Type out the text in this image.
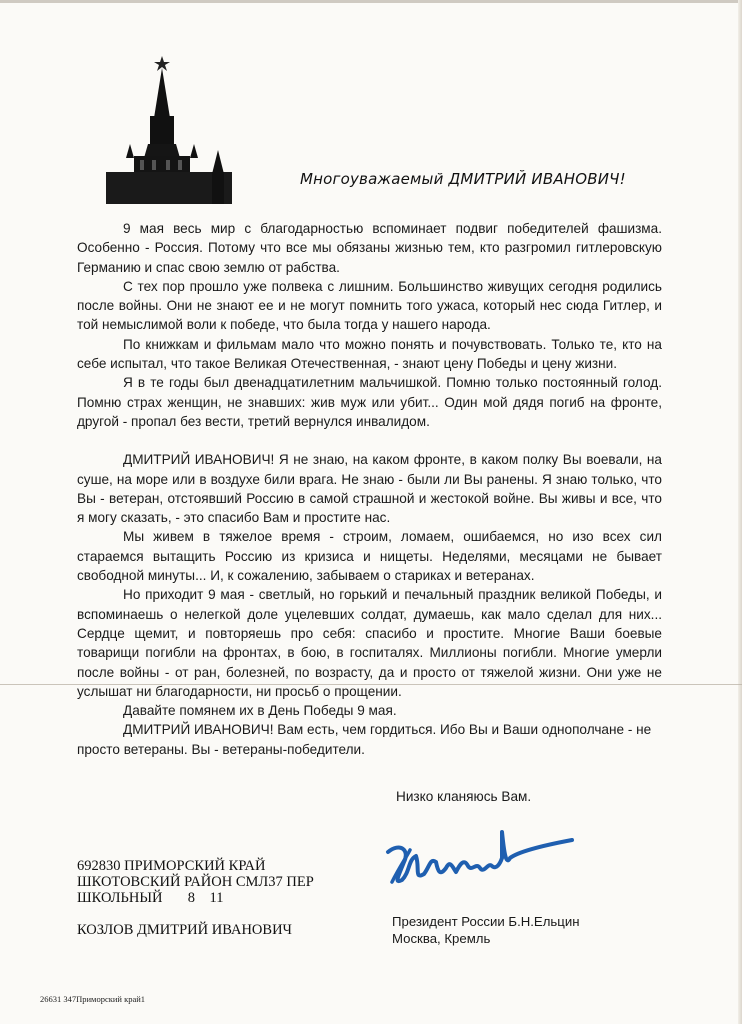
Многоуважаемый ДМИТРИЙ ИВАНОВИЧ!

9 мая весь мир с благодарностью вспоминает подвиг победителей фашизма. Особенно - Россия. Потому что все мы обязаны жизнью тем, кто разгромил гитлеровскую Германию и спас свою землю от рабства.

С тех пор прошло уже полвека с лишним. Большинство живущих сегодня родились после войны. Они не знают ее и не могут помнить того ужаса, который нес сюда Гитлер, и той немыслимой воли к победе, что была тогда у нашего народа.

По книжкам и фильмам мало что можно понять и почувствовать. Только те, кто на себе испытал, что такое Великая Отечественная, - знают цену Победы и цену жизни.

Я в те годы был двенадцатилетним мальчишкой. Помню только постоянный голод. Помню страх женщин, не знавших: жив муж или убит... Один мой дядя погиб на фронте, другой - пропал без вести, третий вернулся инвалидом.

ДМИТРИЙ ИВАНОВИЧ! Я не знаю, на каком фронте, в каком полку Вы воевали, на суше, на море или в воздухе били врага. Не знаю - были ли Вы ранены. Я знаю только, что Вы - ветеран, отстоявший Россию в самой страшной и жестокой войне. Вы живы и все, что я могу сказать, - это спасибо Вам и простите нас.

Мы живем в тяжелое время - строим, ломаем, ошибаемся, но изо всех сил стараемся вытащить Россию из кризиса и нищеты. Неделями, месяцами не бывает свободной минуты... И, к сожалению, забываем о стариках и ветеранах.

Но приходит 9 мая - светлый, но горький и печальный праздник великой Победы, и вспоминаешь о нелегкой доле уцелевших солдат, думаешь, как мало сделал для них... Сердце щемит, и повторяешь про себя: спасибо и простите. Многие Ваши боевые товарищи погибли на фронтах, в бою, в госпиталях. Миллионы погибли. Многие умерли после войны - от ран, болезней, по возрасту, да и просто от тяжелой жизни. Они уже не услышат ни благодарности, ни просьб о прощении.

Давайте помянем их в День Победы 9 мая.

ДМИТРИЙ ИВАНОВИЧ! Вам есть, чем гордиться. Ибо Вы и Ваши однополчане - не просто ветераны. Вы - ветераны-победители.

Низко кланяюсь Вам.
692830 ПРИМОРСКИЙ КРАЙ
ШКОТОВСКИЙ РАЙОН СМЛ37 ПЕР
ШКОЛЬНЫЙ       8    11
КОЗЛОВ ДМИТРИЙ ИВАНОВИЧ
Президент России Б.Н.Ельцин
Москва, Кремль
26631 347Приморский край1
